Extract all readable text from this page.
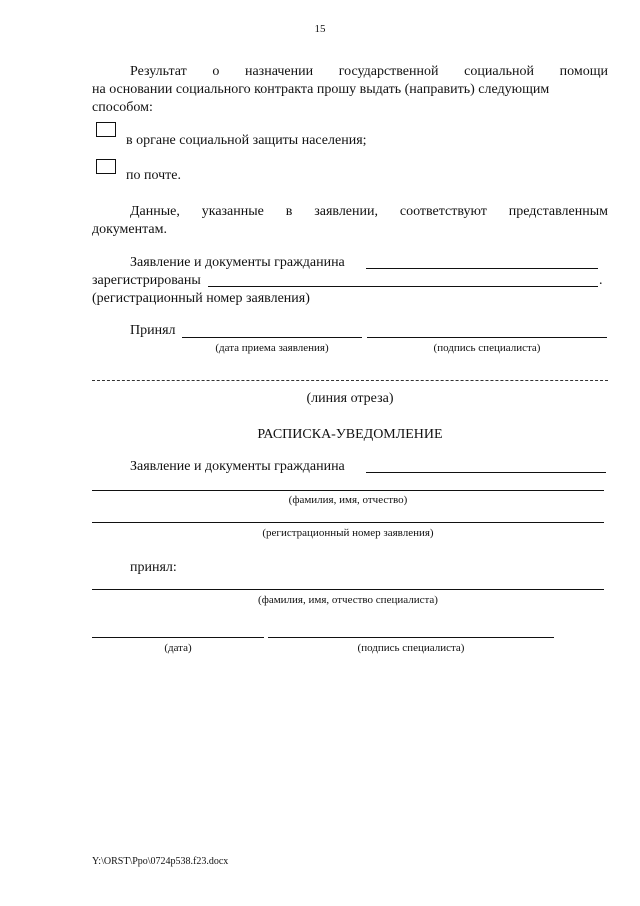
15
Результат о назначении государственной социальной помощи
на основании социального контракта прошу выдать (направить) следующим
способом:
в органе социальной защиты населения;
по почте.
Данные, указанные в заявлении, соответствуют представленным
документам.
Заявление и документы гражданина
зарегистрированы	.
(регистрационный номер заявления)
Принял
(дата приема заявления)	(подпись специалиста)
(линия отреза)
РАСПИСКА-УВЕДОМЛЕНИЕ
Заявление и документы гражданина
(фамилия, имя, отчество)
(регистрационный номер заявления)
принял:
(фамилия, имя, отчество специалиста)
(дата)	(подпись специалиста)
Y:\ORST\Ppo\0724p538.f23.docx
